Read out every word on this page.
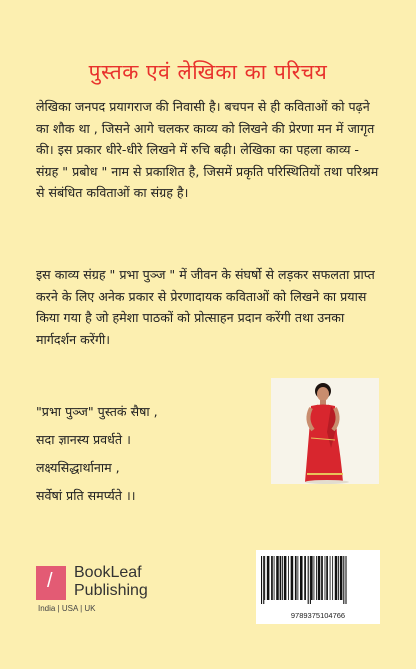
पुस्तक एवं लेखिका का परिचय

लेखिका जनपद प्रयागराज की निवासी है। बचपन से ही कविताओं को पढ़ने का शौक था , जिसने आगे चलकर काव्य को लिखने की प्रेरणा मन में जागृत की। इस प्रकार धीरे-धीरे लिखने में रुचि बढ़ी। लेखिका का पहला काव्य - संग्रह " प्रबोध " नाम से प्रकाशित है, जिसमें प्रकृति परिस्थितियों तथा परिश्रम से संबंधित कविताओं का संग्रह है।

इस काव्य संग्रह " प्रभा पुञ्ज " में जीवन के संघर्षो से लड़कर सफलता प्राप्त करने के लिए अनेक प्रकार से प्रेरणादायक कविताओं को लिखने का प्रयास किया गया है जो हमेशा पाठकों को प्रोत्साहन प्रदान करेंगी तथा उनका मार्गदर्शन करेंगी।

"प्रभा पुञ्ज" पुस्तकं सैषा ,
सदा ज्ञानस्य प्रवर्धते ।
लक्ष्यसिद्धार्थानाम ,
सर्वेषां प्रति समर्प्यते ।।
/ BookLeaf
Publishing
India | USA | UK
9789375104766
